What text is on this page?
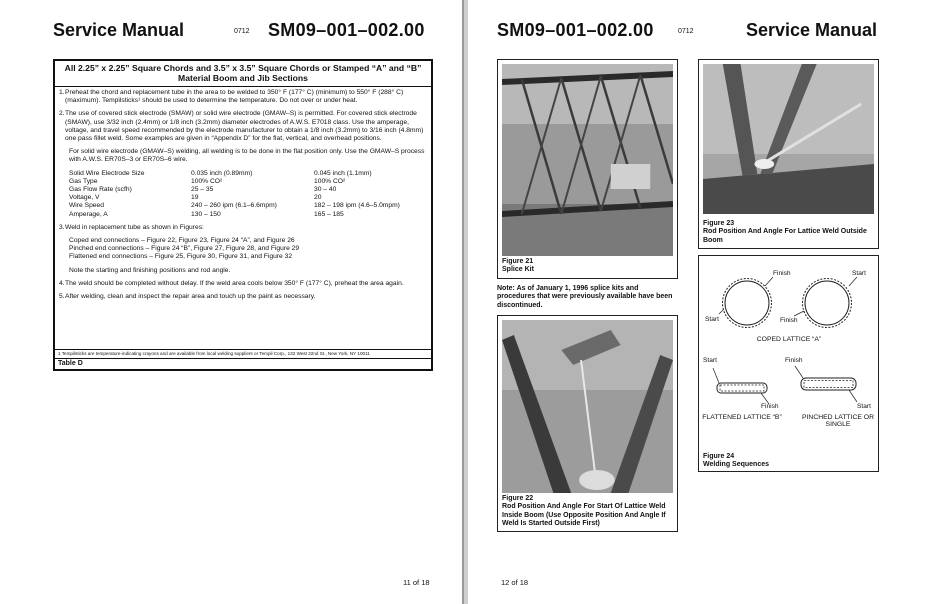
Service Manual	0712 SM09–001–002.00
All 2.25” x 2.25” Square Chords and 3.5” x 3.5” Square Chords or Stamped “A” and “B” Material Boom and Jib Sections
1. Preheat the chord and replacement tube in the area to be welded to 350° F (177° C) (minimum) to 550° F (288° C) (maximum). Tempilsticks¹ should be used to determine the temperature. Do not over or under heat.
2. The use of covered stick electrode (SMAW) or solid wire electrode (GMAW–S) is permitted. For covered stick electrode (SMAW), use 3/32 inch (2.4mm) or 1/8 inch (3.2mm) diameter electrodes of A.W.S. E7018 class. Use the amperage, voltage, and travel speed recommended by the electrode manufacturer to obtain a 1/8 inch (3.2mm) to 3/16 inch (4.8mm) one pass fillet weld. Some examples are given in “Appendix D” for the flat, vertical, and overhead positions.
For solid wire electrode (GMAW–S) welding, all welding is to be done in the flat position only. Use the GMAW–S process with A.W.S. ER70S–3 or ER70S–6 wire.
Solid Wire Electrode Size	0.035 inch (0.89mm)	0.045 inch (1.1mm)
Gas Type	100% CO²	100% CO²
Gas Flow Rate (scfh)	25 – 35	30 – 40
Voltage, V	19	20
Wire Speed	240 – 260 ipm (6.1–6.6mpm)	182 – 198 ipm (4.6–5.0mpm)
Amperage, A	130 – 150	165 – 185
3. Weld in replacement tube as shown in Figures:
Coped end connections – Figure 22, Figure 23, Figure 24 “A”, and Figure 26
Pinched end connections – Figure 24 “B”, Figure 27, Figure 28, and Figure 29
Flattened end connections – Figure 25, Figure 30, Figure 31, and Figure 32
Note the starting and finishing positions and rod angle.
4. The weld should be completed without delay. If the weld area cools below 350° F (177° C), preheat the area again.
5. After welding, clean and inspect the repair area and touch up the paint as necessary.
1 Tempilsticks are temperature-indicating crayons and are available from local welding suppliers or Tempil Corp., 132 West 22nd St., New York, NY 10011
Table D
11 of 18
SM09–001–002.00	0712	Service Manual
12 of 18
Figure 21
Splice Kit
Note: As of January 1, 1996 splice kits and procedures that were previously available have been discontinued.
Figure 22
Rod Position And Angle For Start Of Lattice Weld Inside Boom (Use Opposite Position And Angle If Weld Is Started Outside First)
Figure 23
Rod Position And Angle For Lattice Weld Outside Boom
Finish
Start
Start
Finish
COPED LATTICE “A”
Start
Finish
Finish
Start
FLATTENED LATTICE “B”	PINCHED LATTICE OR SINGLE
Figure 24
Welding Sequences
